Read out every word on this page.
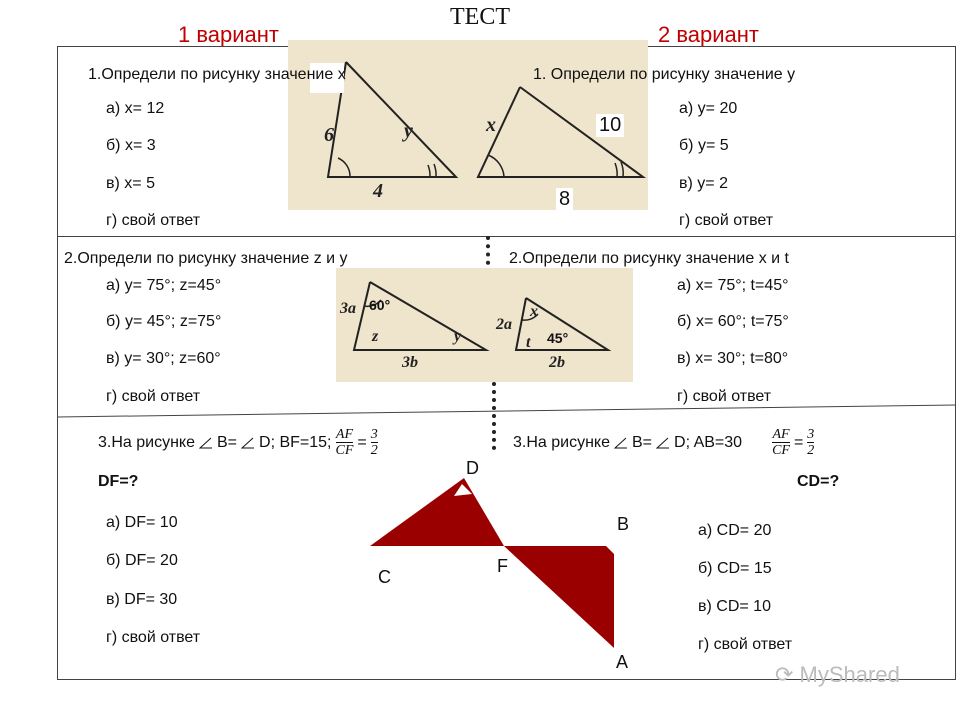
ТЕСТ
1 вариант	2 вариант
6	y
4
x	10
8
1.Определи по рисунку значение x	1. Определи по рисунку значение y
а) х= 12
б) х= 3
в) х= 5
г) свой ответ
а) у= 20
б) у= 5
в) у= 2
г) свой ответ
3a 60°
z	y
3b
2a
x
45°
t
2b
2.Определи по рисунку значение z и y	2.Определи по рисунку значение x и t
а) у= 75°; z=45°
б) у= 45°; z=75°
в) у= 30°; z=60°
г) свой ответ
а) х= 75°; t=45°
б) х= 60°; t=75°
в) х= 30°; t=80°
г) свой ответ
3.На рисунке B= D; BF=15; $\frac{AF}{CF} = \frac{3}{2}$	3.На рисунке B= D; $AB=30 \frac{AF}{CF} = \frac{3}{2}$
DF=?	CD=?
D
B
C
F
A
а) DF= 10
б) DF= 20
в) DF= 30
г) свой ответ
а) CD= 20
б) CD= 15
в) CD= 10
г) свой ответ
⟳ MyShared
